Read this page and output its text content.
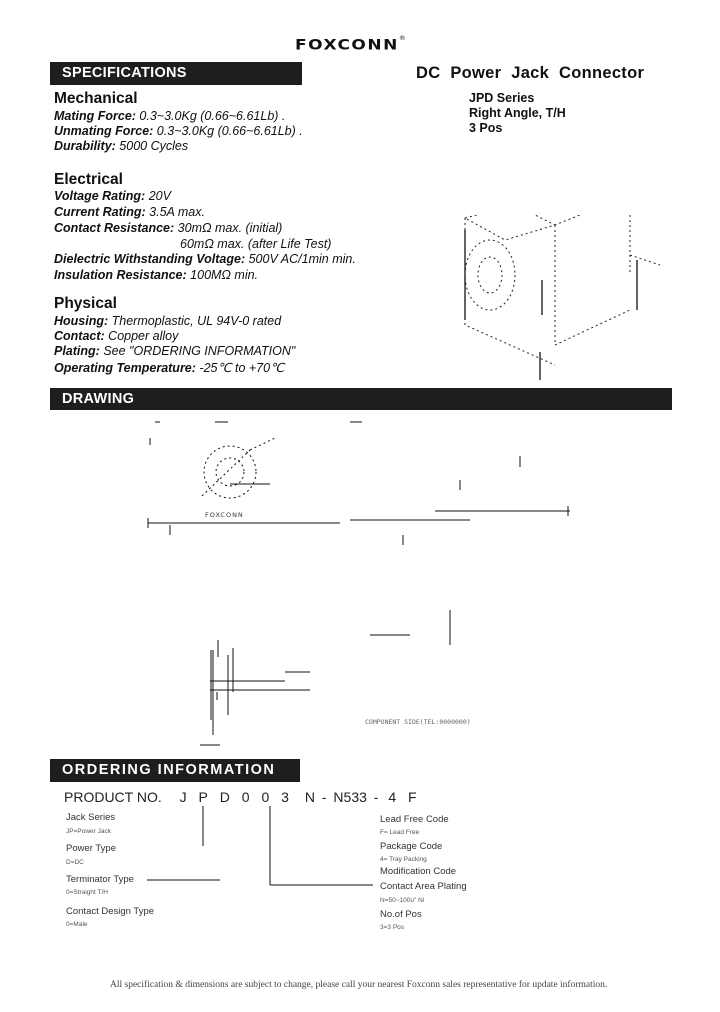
FOXCONN®
SPECIFICATIONS	DC Power Jack Connector
JPD Series
Right Angle, T/H
3 Pos
Mechanical
Mating Force: 0.3~3.0Kg (0.66~6.61Lb) .
Unmating Force: 0.3~3.0Kg (0.66~6.61Lb) .
Durability: 5000 Cycles
Electrical
Voltage Rating: 20V
Current Rating: 3.5A max.
Contact Resistance: 30mΩ max. (initial)
60mΩ max. (after Life Test)
Dielectric Withstanding Voltage: 500V AC/1min min.
Insulation Resistance: 100MΩ min.
Physical
Housing: Thermoplastic, UL 94V-0 rated
Contact: Copper alloy
Plating: See "ORDERING INFORMATION"
Operating Temperature: -25℃ to +70℃
DRAWING
FOXCONN
COMPONENT SIDE(TEL:0000000)
ORDERING INFORMATION
PRODUCT NO. J P D 0 0 3 N - N533 - 4 F
Jack Series
JP=Power Jack
Power Type
D=DC
Terminator Type
0=Straight T/H
Contact Design Type
0=Male
Lead Free Code
F= Lead Free
Package Code
4= Tray Packing
Modification Code
Contact Area Plating
N=50~100u" Ni
No.of Pos
3=3 Pos
All specification & dimensions are subject to change, please call your nearest Foxconn sales representative for update information.
